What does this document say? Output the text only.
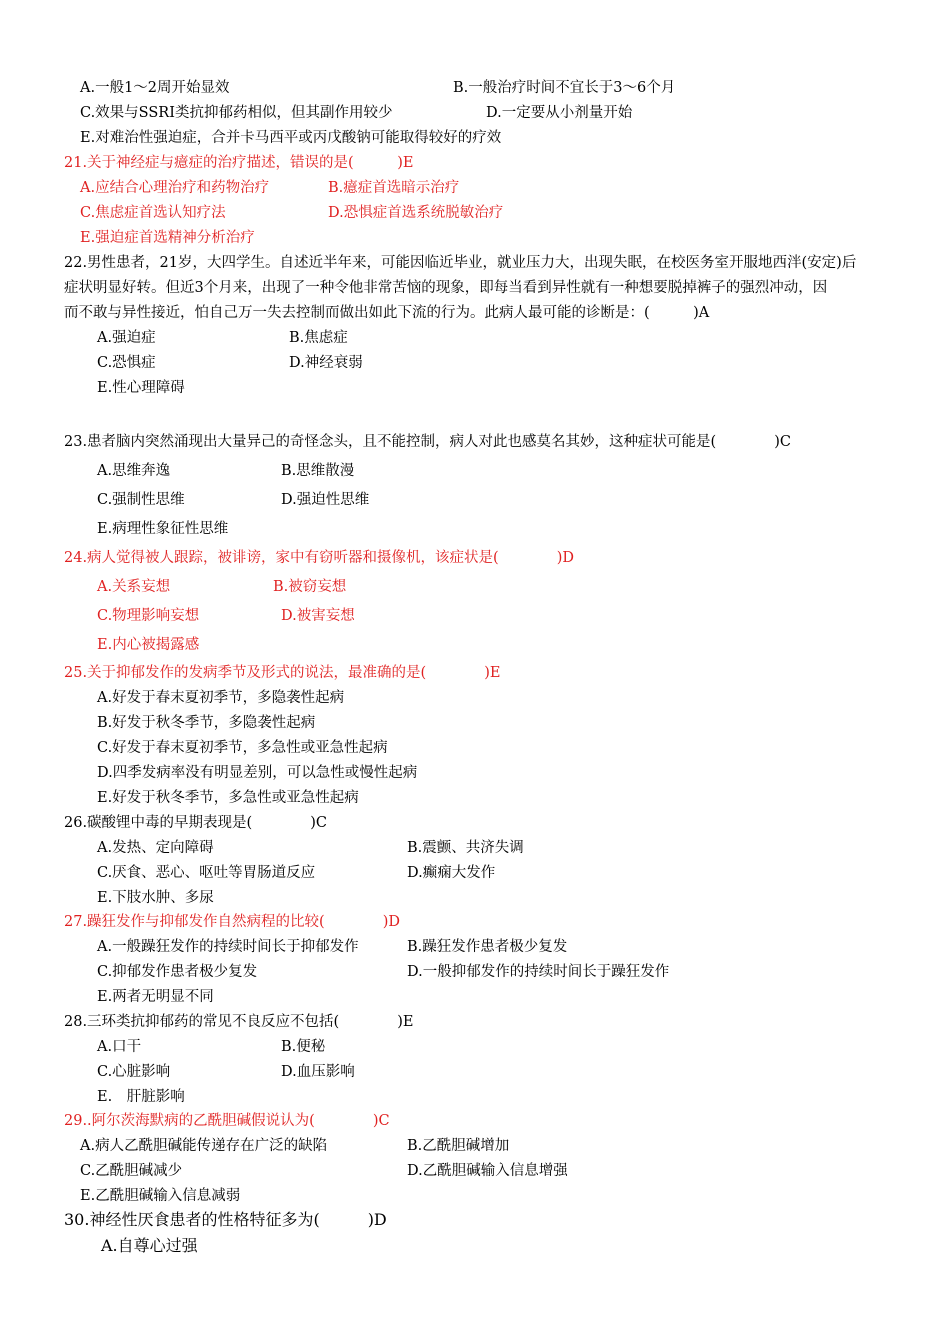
A.一般1～2周开始显效	B.一般治疗时间不宜长于3～6个月
C.效果与SSRI类抗抑郁药相似，但其副作用较少	D.一定要从小剂量开始
E.对难治性强迫症，合并卡马西平或丙戊酸钠可能取得较好的疗效
21.关于神经症与癔症的治疗描述，错误的是(　　　)E
A.应结合心理治疗和药物治疗	B.癔症首选暗示治疗
C.焦虑症首选认知疗法	D.恐惧症首选系统脱敏治疗
E.强迫症首选精神分析治疗
22.男性患者，21岁，大四学生。自述近半年来，可能因临近毕业，就业压力大，出现失眠，在校医务室开服地西泮(安定)后
症状明显好转。但近3个月来，出现了一种令他非常苦恼的现象，即每当看到异性就有一种想要脱掉裤子的强烈冲动，因
而不敢与异性接近，怕自己万一失去控制而做出如此下流的行为。此病人最可能的诊断是：(　　　)A
A.强迫症	B.焦虑症
C.恐惧症	D.神经衰弱
E.性心理障碍
23.患者脑内突然涌现出大量异己的奇怪念头，且不能控制，病人对此也感莫名其妙，这种症状可能是(　　　　)C
A.思维奔逸	B.思维散漫
C.强制性思维	D.强迫性思维
E.病理性象征性思维
24.病人觉得被人跟踪，被诽谤，家中有窃听器和摄像机，该症状是(　　　　)D
A.关系妄想	B.被窃妄想
C.物理影响妄想	D.被害妄想
E.内心被揭露感
25.关于抑郁发作的发病季节及形式的说法，最准确的是(　　　　)E
A.好发于春末夏初季节，多隐袭性起病
B.好发于秋冬季节，多隐袭性起病
C.好发于春末夏初季节，多急性或亚急性起病
D.四季发病率没有明显差别，可以急性或慢性起病
E.好发于秋冬季节，多急性或亚急性起病
26.碳酸锂中毒的早期表现是(　　　　)C
A.发热、定向障碍	B.震颤、共济失调
C.厌食、恶心、呕吐等胃肠道反应	D.癫痫大发作
E.下肢水肿、多尿
27.躁狂发作与抑郁发作自然病程的比较(　　　　)D
A.一般躁狂发作的持续时间长于抑郁发作	B.躁狂发作患者极少复发
C.抑郁发作患者极少复发	D.一般抑郁发作的持续时间长于躁狂发作
E.两者无明显不同
28.三环类抗抑郁药的常见不良反应不包括(　　　　)E
A.口干	B.便秘
C.心脏影响	D.血压影响
E.　肝脏影响
29..阿尔茨海默病的乙酰胆碱假说认为(　　　　)C
A.病人乙酰胆碱能传递存在广泛的缺陷	B.乙酰胆碱增加
C.乙酰胆碱减少	D.乙酰胆碱输入信息增强
E.乙酰胆碱输入信息减弱
30.神经性厌食患者的性格特征多为(　　　)D
A.自尊心过强
